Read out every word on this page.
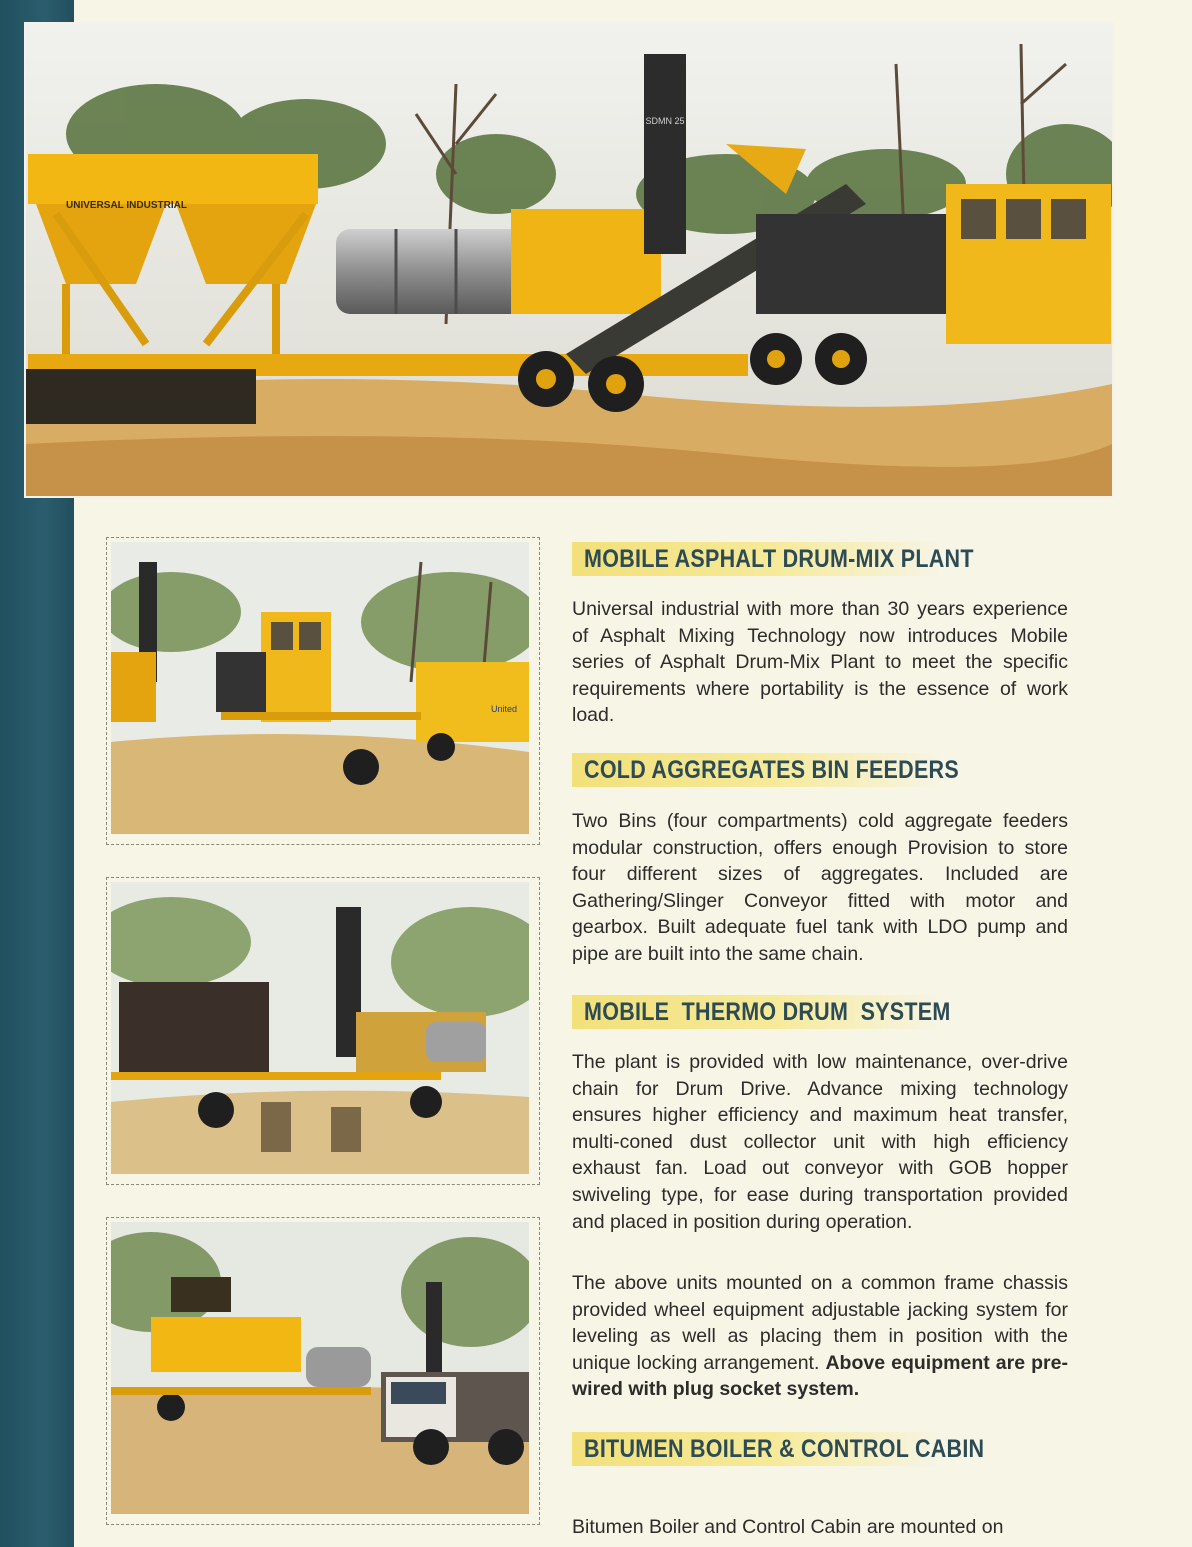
UNIVERSAL INDUSTRIAL
SDMN 25
United
MOBILE ASPHALT DRUM-MIX PLANT

Universal industrial with more than 30 years experience of Asphalt Mixing Technology now introduces Mobile series of Asphalt Drum-Mix Plant to meet the specific requirements where portability is the essence of work load.

COLD AGGREGATES BIN FEEDERS

Two Bins (four compartments) cold aggregate feeders modular construction, offers enough Provision to store four different sizes of aggregates. Included are Gathering/Slinger Conveyor fitted with motor and gearbox. Built adequate fuel tank with LDO pump and pipe are built into the same chain.

MOBILE  THERMO DRUM  SYSTEM

The plant is provided with low maintenance, over-drive chain for Drum Drive. Advance mixing technology ensures higher efficiency and maximum heat transfer, multi-coned dust collector unit with high efficiency exhaust fan. Load out conveyor with GOB hopper swiveling type, for ease during transportation provided and placed in position during operation.

The above units mounted on a common frame chassis provided wheel equipment adjustable jacking system for leveling as well as placing them in position with the unique locking arrangement. Above equipment are pre-wired with plug socket system.

BITUMEN BOILER & CONTROL CABIN

Bitumen Boiler and Control Cabin are mounted on
